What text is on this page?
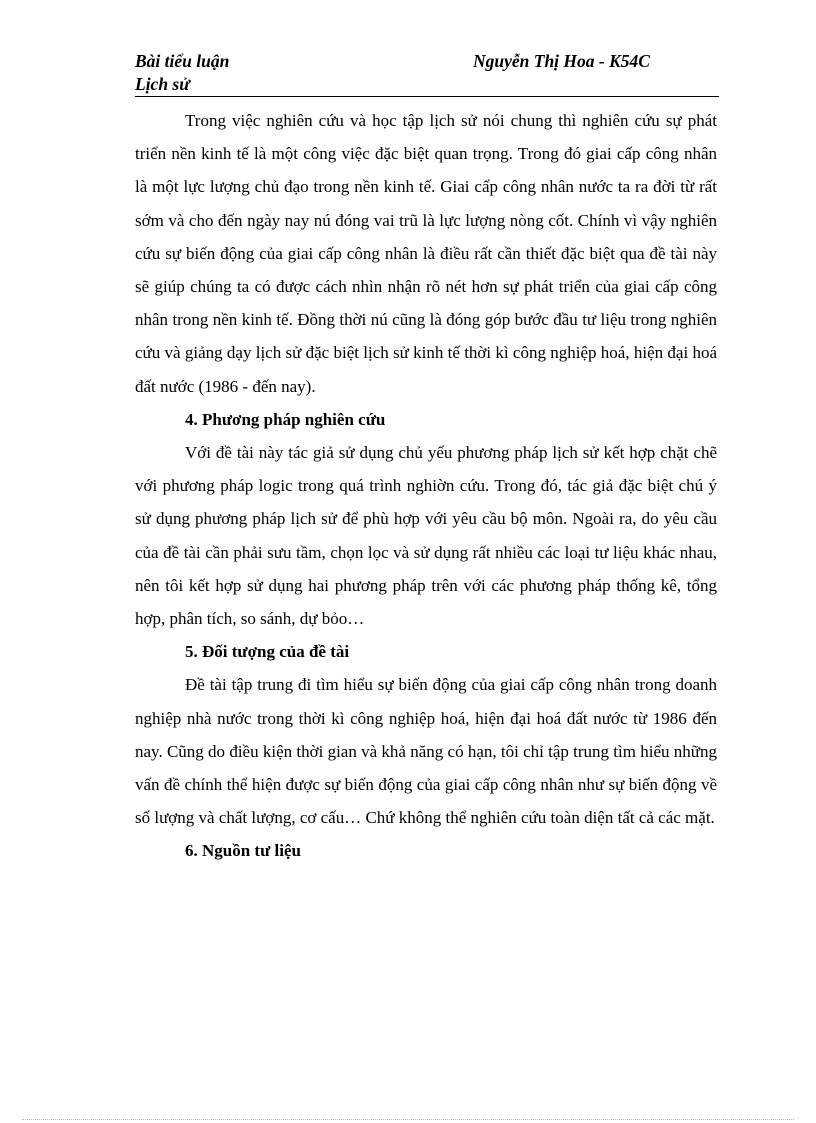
Bài tiểu luận
Lịch sử
Nguyễn Thị Hoa - K54C

Trong việc nghiên cứu và học tập lịch sử nói chung thì nghiên cứu sự phát triển nền kinh tế là một công việc đặc biệt quan trọng. Trong đó giai cấp công nhân là một lực lượng chủ đạo trong nền kinh tế. Giai cấp công nhân nước ta ra đời từ rất sớm và cho đến ngày nay nú đóng vai trũ là lực lượng nòng cốt. Chính vì vậy nghiên cứu sự biến động của giai cấp công nhân là điều rất cần thiết đặc biệt qua đề tài này sẽ giúp chúng ta có được cách nhìn nhận rõ nét hơn sự phát triển của giai cấp công nhân trong nền kinh tế. Đồng thời nú cũng là đóng góp bước đầu tư liệu trong nghiên cứu và giảng dạy lịch sử đặc biệt lịch sử kinh tế thời kì công nghiệp hoá, hiện đại hoá đất nước (1986 - đến nay).

4. Phương pháp nghiên cứu

Với đề tài này tác giả sử dụng chủ yếu phương pháp lịch sử kết hợp chặt chẽ với phương pháp logic trong quá trình nghiờn cứu. Trong đó, tác giả đặc biệt chú ý sử dụng phương pháp lịch sử để phù hợp với yêu cầu bộ môn. Ngoài ra, do yêu cầu của đề tài cần phải sưu tầm, chọn lọc và sử dụng rất nhiều các loại tư liệu khác nhau, nên tôi kết hợp sử dụng hai phương pháp trên với các phương pháp thống kê, tổng hợp, phân tích, so sánh, dự bỏo…

5. Đối tượng của đề tài

Đề tài tập trung đi tìm hiểu sự biến động của giai cấp công nhân trong doanh nghiệp nhà nước trong thời kì công nghiệp hoá, hiện đại hoá đất nước từ 1986 đến nay. Cũng do điều kiện thời gian và khả năng có hạn, tôi chỉ tập trung tìm hiểu những vấn đề chính thể hiện được sự biến động của giai cấp công nhân như sự biến động về số lượng và chất lượng, cơ cấu… Chứ không thể nghiên cứu toàn diện tất cả các mặt.

6. Nguồn tư liệu
